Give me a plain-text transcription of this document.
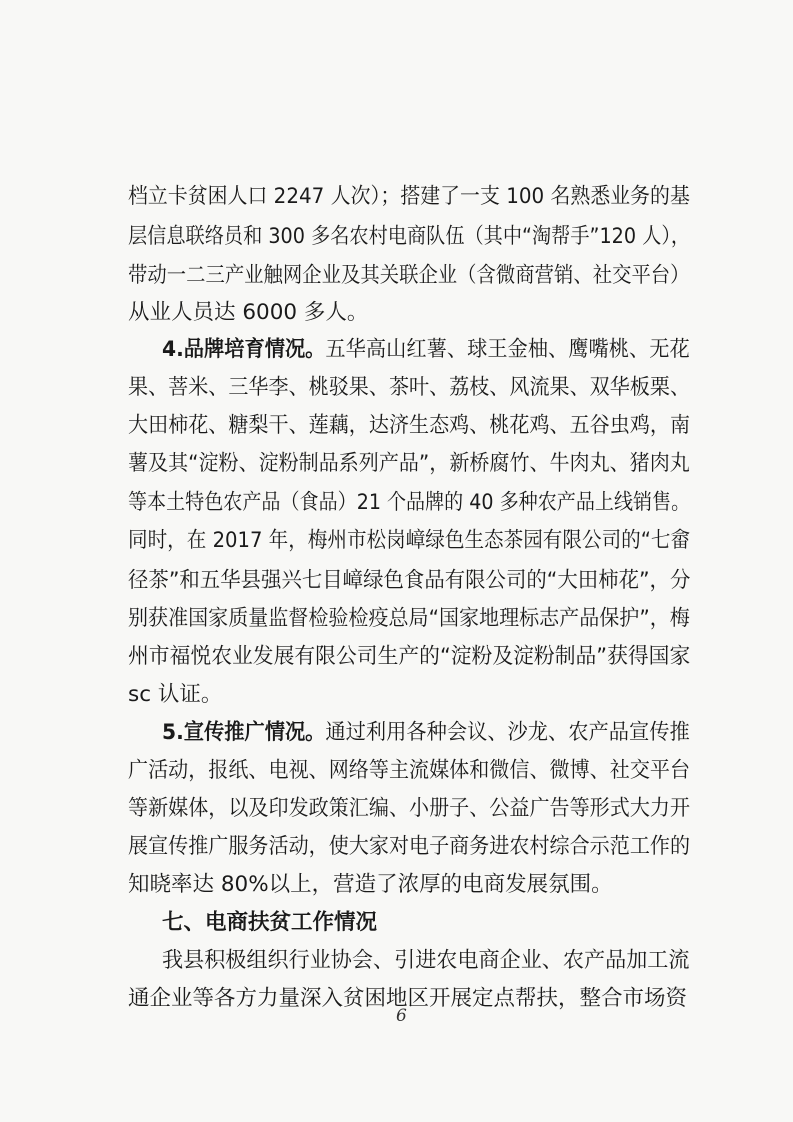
档立卡贫困人口 2247 人次）；搭建了一支 100 名熟悉业务的基
层信息联络员和 300 多名农村电商队伍（其中“淘帮手”120 人），
带动一二三产业触网企业及其关联企业（含微商营销、社交平台）
从业人员达 6000 多人。
4.品牌培育情况。五华高山红薯、球王金柚、鹰嘴桃、无花
果、菩米、三华李、桃驳果、茶叶、荔枝、风流果、双华板栗、
大田柿花、糖梨干、莲藕，达济生态鸡、桃花鸡、五谷虫鸡，南
薯及其“淀粉、淀粉制品系列产品”，新桥腐竹、牛肉丸、猪肉丸
等本土特色农产品（食品）21 个品牌的 40 多种农产品上线销售。
同时，在 2017 年，梅州市松岗嶂绿色生态茶园有限公司的“七畲
径茶”和五华县强兴七目嶂绿色食品有限公司的“大田柿花”，分
别获准国家质量监督检验检疫总局“国家地理标志产品保护”，梅
州市福悦农业发展有限公司生产的“淀粉及淀粉制品”获得国家
sc 认证。
5.宣传推广情况。通过利用各种会议、沙龙、农产品宣传推
广活动，报纸、电视、网络等主流媒体和微信、微博、社交平台
等新媒体，以及印发政策汇编、小册子、公益广告等形式大力开
展宣传推广服务活动，使大家对电子商务进农村综合示范工作的
知晓率达 80%以上，营造了浓厚的电商发展氛围。
七、电商扶贫工作情况
我县积极组织行业协会、引进农电商企业、农产品加工流
通企业等各方力量深入贫困地区开展定点帮扶，整合市场资
6
